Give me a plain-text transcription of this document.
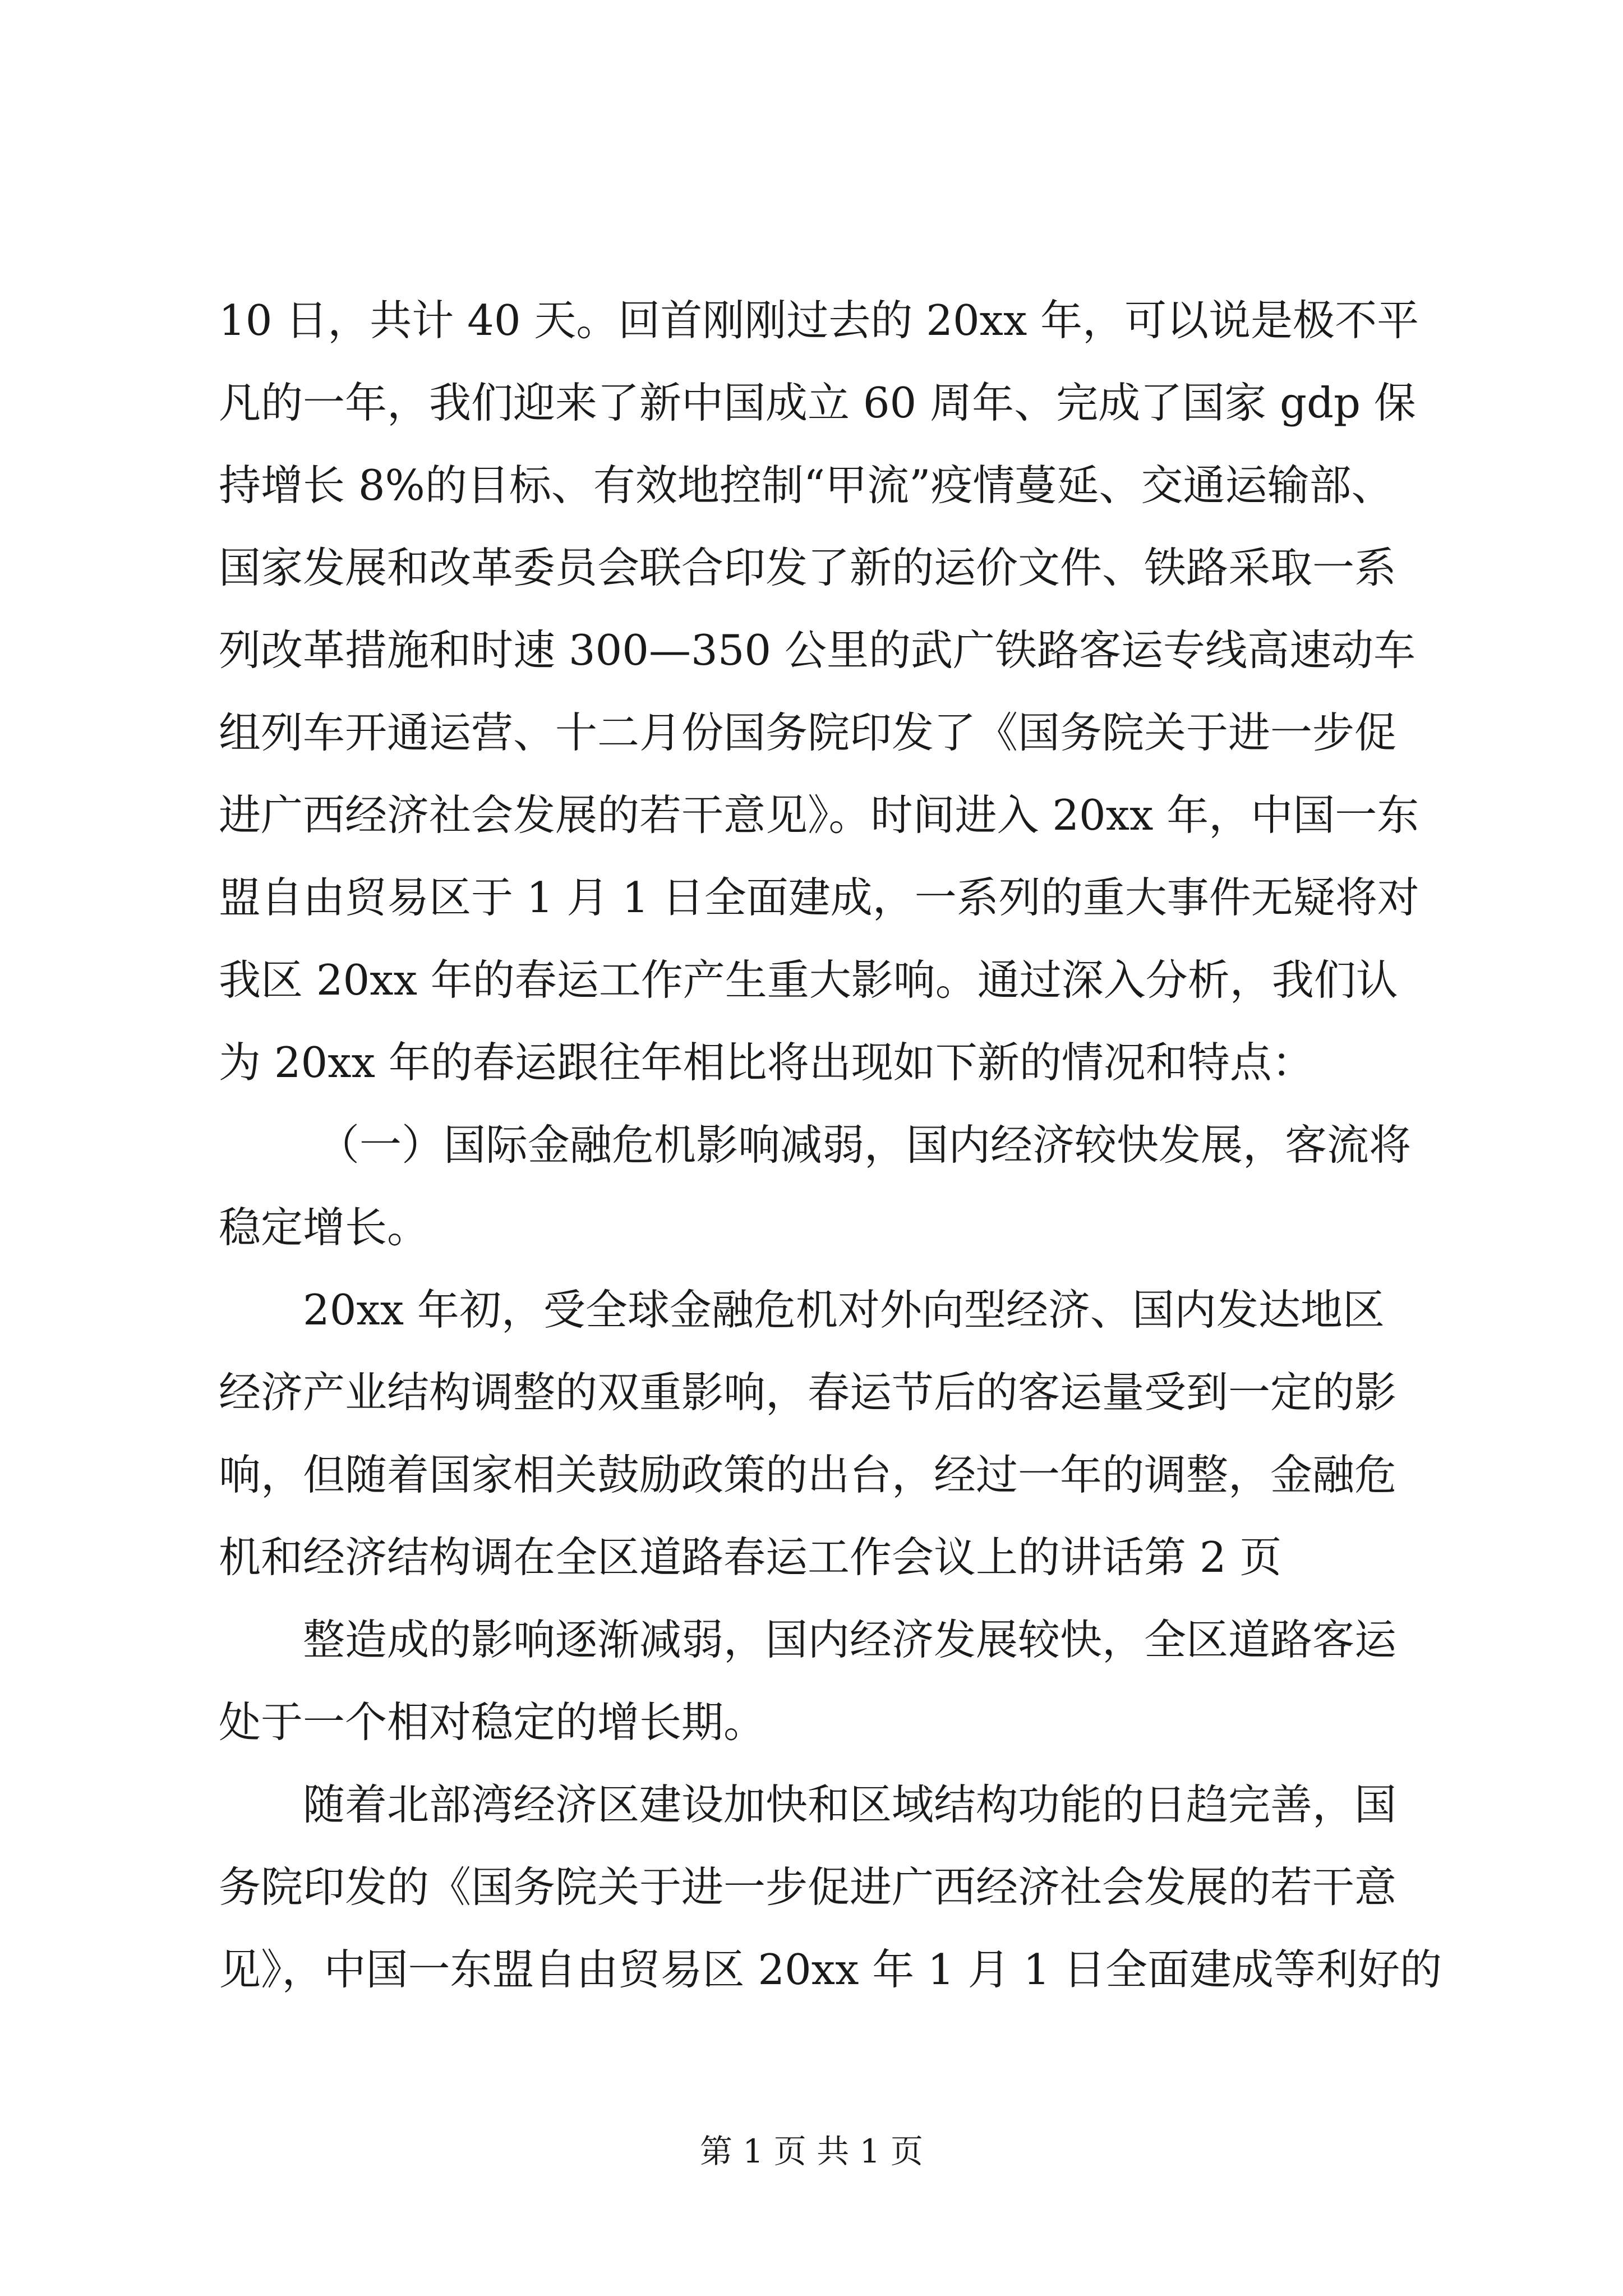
10 日，共计 40 天。回首刚刚过去的 20xx 年，可以说是极不平
凡的一年，我们迎来了新中国成立 60 周年、完成了国家 gdp 保
持增长 8%的目标、有效地控制“甲流”疫情蔓延、交通运输部、
国家发展和改革委员会联合印发了新的运价文件、铁路采取一系
列改革措施和时速 300—350 公里的武广铁路客运专线高速动车
组列车开通运营、十二月份国务院印发了《国务院关于进一步促
进广西经济社会发展的若干意见》。时间进入 20xx 年，中国一东
盟自由贸易区于 1 月 1 日全面建成，一系列的重大事件无疑将对
我区 20xx 年的春运工作产生重大影响。通过深入分析，我们认
为 20xx 年的春运跟往年相比将出现如下新的情况和特点：
（一）国际金融危机影响减弱，国内经济较快发展，客流将
稳定增长。
20xx 年初，受全球金融危机对外向型经济、国内发达地区
经济产业结构调整的双重影响，春运节后的客运量受到一定的影
响，但随着国家相关鼓励政策的出台，经过一年的调整，金融危
机和经济结构调在全区道路春运工作会议上的讲话第 2 页
整造成的影响逐渐减弱，国内经济发展较快，全区道路客运
处于一个相对稳定的增长期。
随着北部湾经济区建设加快和区域结构功能的日趋完善，国
务院印发的《国务院关于进一步促进广西经济社会发展的若干意
见》，中国一东盟自由贸易区 20xx 年 1 月 1 日全面建成等利好的
第 1 页 共 1 页
